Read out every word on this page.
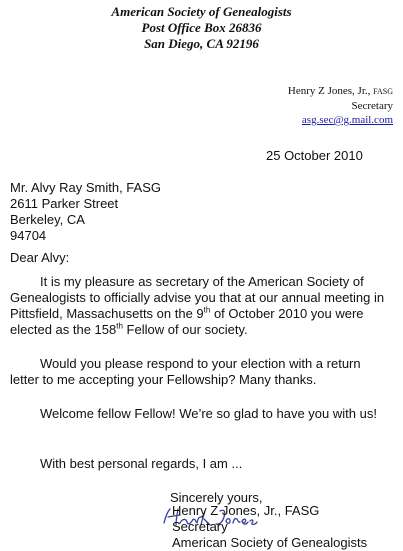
American Society of Genealogists
Post Office Box 26836
San Diego, CA 92196
Henry Z Jones, Jr., FASG
Secretary
asg.sec@g.mail.com
25 October 2010
Mr. Alvy Ray Smith, FASG
2611 Parker Street
Berkeley, CA
94704
Dear Alvy:
It is my pleasure as secretary of the American Society of Genealogists to officially advise you that at our annual meeting in Pittsfield, Massachusetts on the 9th of October 2010 you were elected as the 158th Fellow of our society.
Would you please respond to your election with a return letter to me accepting your Fellowship? Many thanks.
Welcome fellow Fellow! We’re so glad to have you with us!
With best personal regards, I am ...
Sincerely yours,
Henry Z Jones, Jr., FASG
Secretary
American Society of Genealogists
